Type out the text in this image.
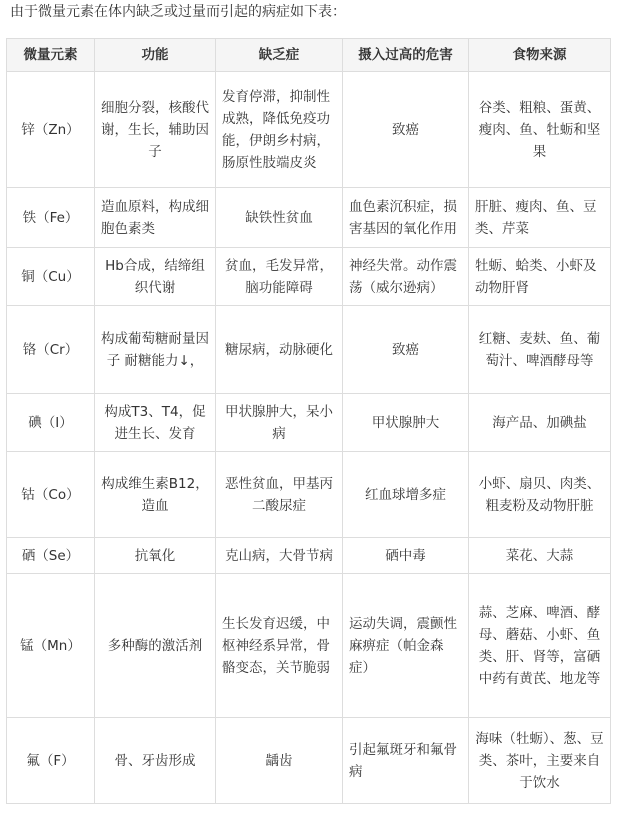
由于微量元素在体内缺乏或过量而引起的病症如下表：
微量元素	功能	缺乏症	摄入过高的危害	食物来源
锌（Zn）	细胞分裂，核酸代谢，生长，辅助因子	发育停滞，抑制性成熟，降低免疫功能，伊朗乡村病，肠原性肢端皮炎	致癌	谷类、粗粮、蛋黄、瘦肉、鱼、牡蛎和坚果
铁（Fe）	造血原料，构成细胞色素类	缺铁性贫血	血色素沉积症，损害基因的氧化作用	肝脏、瘦肉、鱼、豆类、芹菜
铜（Cu）	Hb合成，结缔组织代谢	贫血，毛发异常，脑功能障碍	神经失常。动作震荡（威尔逊病）	牡蛎、蛤类、小虾及动物肝肾
铬（Cr）	构成葡萄糖耐量因子 耐糖能力↓，	糖尿病，动脉硬化	致癌	红糖、麦麸、鱼、葡萄汁、啤酒酵母等
碘（I）	构成T3、T4，促进生长、发育	甲状腺肿大，呆小病	甲状腺肿大	海产品、加碘盐
钴（Co）	构成维生素B12，造血	恶性贫血，甲基丙二酸尿症	红血球增多症	小虾、扇贝、肉类、粗麦粉及动物肝脏
硒（Se）	抗氧化	克山病，大骨节病	硒中毒	菜花、大蒜
锰（Mn）	多种酶的激活剂	生长发育迟缓，中枢神经系异常，骨骼变态，关节脆弱	运动失调，震颤性麻痹症（帕金森症）	蒜、芝麻、啤酒、酵母、蘑菇、小虾、鱼类、肝、肾等，富硒中药有黄芪、地龙等
氟（F）	骨、牙齿形成	龋齿	引起氟斑牙和氟骨病	海味（牡蛎）、葱、豆类、茶叶，主要来自于饮水
